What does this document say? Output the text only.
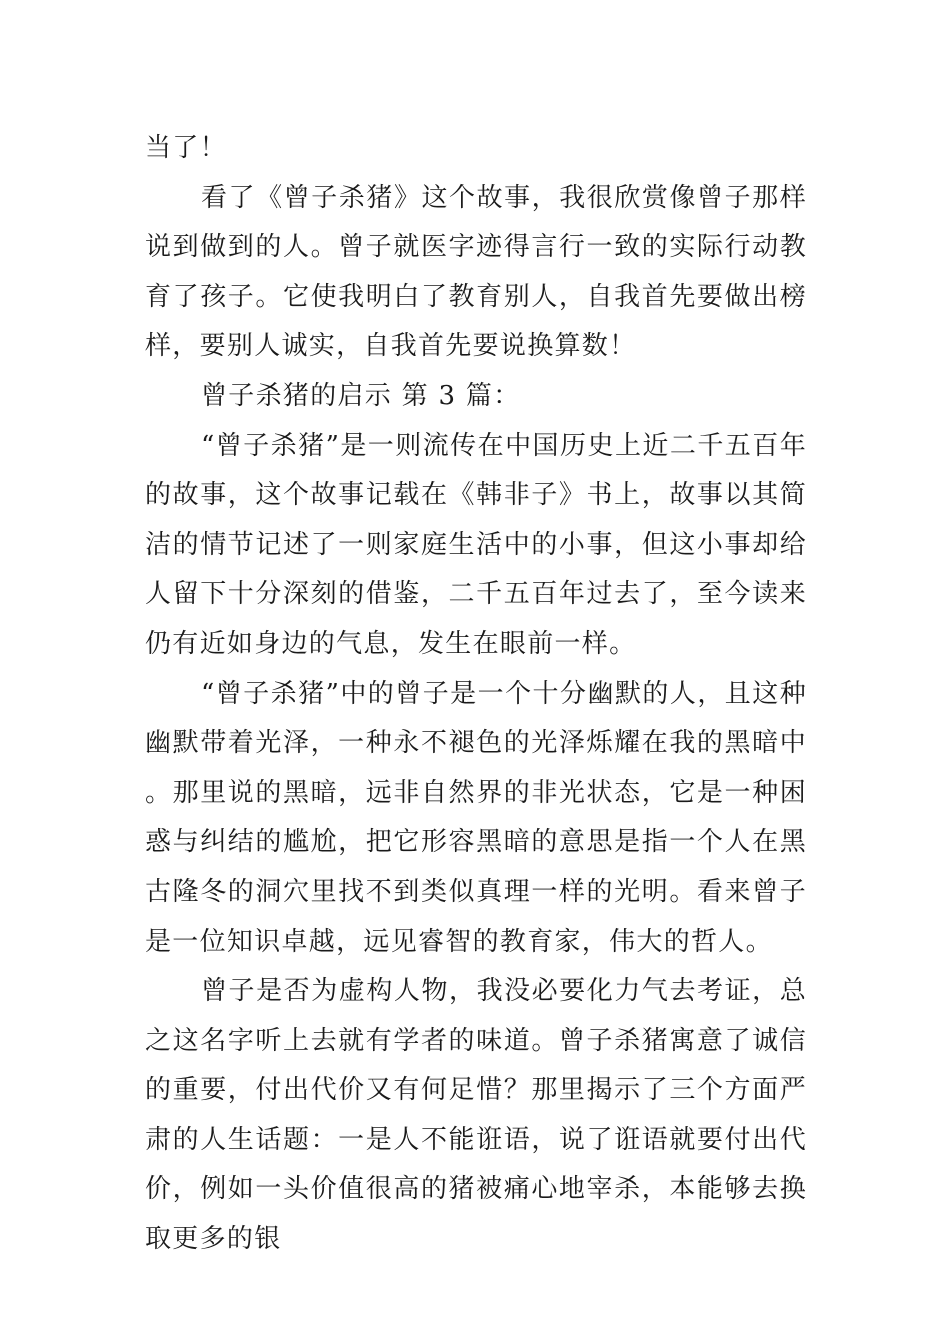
当了！

看了《曾子杀猪》这个故事，我很欣赏像曾子那样说到做到的人。曾子就医字迹得言行一致的实际行动教育了孩子。它使我明白了教育别人，自我首先要做出榜样，要别人诚实，自我首先要说换算数！

曾子杀猪的启示 第 3 篇：

“曾子杀猪”是一则流传在中国历史上近二千五百年的故事，这个故事记载在《韩非子》书上，故事以其简洁的情节记述了一则家庭生活中的小事，但这小事却给人留下十分深刻的借鉴，二千五百年过去了，至今读来仍有近如身边的气息，发生在眼前一样。

“曾子杀猪”中的曾子是一个十分幽默的人，且这种幽默带着光泽，一种永不褪色的光泽烁耀在我的黑暗中。那里说的黑暗，远非自然界的非光状态，它是一种困惑与纠结的尴尬，把它形容黑暗的意思是指一个人在黑古隆冬的洞穴里找不到类似真理一样的光明。看来曾子是一位知识卓越，远见睿智的教育家，伟大的哲人。

曾子是否为虚构人物，我没必要化力气去考证，总之这名字听上去就有学者的味道。曾子杀猪寓意了诚信的重要，付出代价又有何足惜？那里揭示了三个方面严肃的人生话题：一是人不能诳语，说了诳语就要付出代价，例如一头价值很高的猪被痛心地宰杀，本能够去换取更多的银
